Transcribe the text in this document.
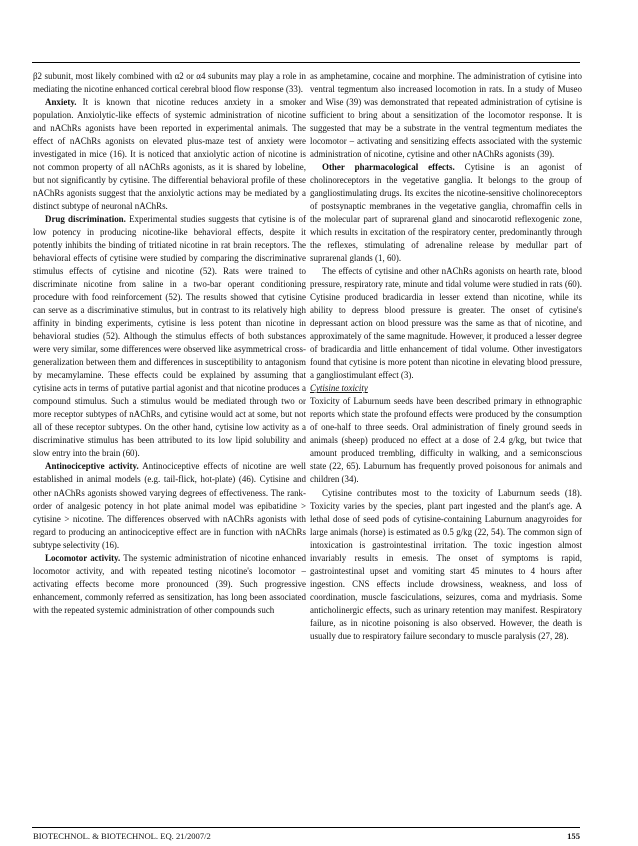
β2 subunit, most likely combined with α2 or α4 subunits may play a role in mediating the nicotine enhanced cortical cerebral blood flow response (33).

Anxiety. It is known that nicotine reduces anxiety in a smoker population. Anxiolytic-like effects of systemic administration of nicotine and nAChRs agonists have been reported in experimental animals. The effect of nAChRs agonists on elevated plus-maze test of anxiety were investigated in mice (16). It is noticed that anxiolytic action of nicotine is not common property of all nAChRs agonists, as it is shared by lobeline, but not significantly by cytisine. The differential behavioral profile of these nAChRs agonists suggest that the anxiolytic actions may be mediated by a distinct subtype of neuronal nAChRs.

Drug discrimination. Experimental studies suggests that cytisine is of low potency in producing nicotine-like behavioral effects, despite it potently inhibits the binding of tritiated nicotine in rat brain receptors. The behavioral effects of cytisine were studied by comparing the discriminative stimulus effects of cytisine and nicotine (52). Rats were trained to discriminate nicotine from saline in a two-bar operant conditioning procedure with food reinforcement (52). The results showed that cytisine can serve as a discriminative stimulus, but in contrast to its relatively high affinity in binding experiments, cytisine is less potent than nicotine in behavioral studies (52). Although the stimulus effects of both substances were very similar, some differences were observed like asymmetrical cross-generalization between them and differences in susceptibility to antagonism by mecamylamine. These effects could be explained by assuming that cytisine acts in terms of putative partial agonist and that nicotine produces a compound stimulus. Such a stimulus would be mediated through two or more receptor subtypes of nAChRs, and cytisine would act at some, but not all of these receptor subtypes. On the other hand, cytisine low activity as a discriminative stimulus has been attributed to its low lipid solubility and slow entry into the brain (60).

Antinociceptive activity. Antinociceptive effects of nicotine are well established in animal models (e.g. tail-flick, hot-plate) (46). Cytisine and other nAChRs agonists showed varying degrees of effectiveness. The rank-order of analgesic potency in hot plate animal model was epibatidine > cytisine > nicotine. The differences observed with nAChRs agonists with regard to producing an antinociceptive effect are in function with nAChRs subtype selectivity (16).

Locomotor activity. The systemic administration of nicotine enhanced locomotor activity, and with repeated testing nicotine's locomotor – activating effects become more pronounced (39). Such progressive enhancement, commonly referred as sensitization, has long been associated with the repeated systemic administration of other compounds such

as amphetamine, cocaine and morphine. The administration of cytisine into ventral tegmentum also increased locomotion in rats. In a study of Museo and Wise (39) was demonstrated that repeated administration of cytisine is sufficient to bring about a sensitization of the locomotor response. It is suggested that may be a substrate in the ventral tegmentum mediates the locomotor – activating and sensitizing effects associated with the systemic administration of nicotine, cytisine and other nAChRs agonists (39).

Other pharmacological effects. Cytisine is an agonist of cholinoreceptors in the vegetative ganglia. It belongs to the group of gangliostimulating drugs. Its excites the nicotine-sensitive cholinoreceptors of postsynaptic membranes in the vegetative ganglia, chromaffin cells in the molecular part of suprarenal gland and sinocarotid reflexogenic zone, which results in excitation of the respiratory center, predominantly through the reflexes, stimulating of adrenaline release by medullar part of suprarenal glands (1, 60).

The effects of cytisine and other nAChRs agonists on hearth rate, blood pressure, respiratory rate, minute and tidal volume were studied in rats (60). Cytisine produced bradicardia in lesser extend than nicotine, while its ability to depress blood pressure is greater. The onset of cytisine's depressant action on blood pressure was the same as that of nicotine, and approximately of the same magnitude. However, it produced a lesser degree of bradicardia and little enhancement of tidal volume. Other investigators found that cytisine is more potent than nicotine in elevating blood pressure, a gangliostimulant effect (3).

Cytisine toxicity

Toxicity of Laburnum seeds have been described primary in ethnographic reports which state the profound effects were produced by the consumption of one-half to three seeds. Oral administration of finely ground seeds in animals (sheep) produced no effect at a dose of 2.4 g/kg, but twice that amount produced trembling, difficulty in walking, and a semiconscious state (22, 65). Laburnum has frequently proved poisonous for animals and children (34).

Cytisine contributes most to the toxicity of Laburnum seeds (18). Toxicity varies by the species, plant part ingested and the plant's age. A lethal dose of seed pods of cytisine-containing Laburnum anagyroides for large animals (horse) is estimated as 0.5 g/kg (22, 54). The common sign of intoxication is gastrointestinal irritation. The toxic ingestion almost invariably results in emesis. The onset of symptoms is rapid, gastrointestinal upset and vomiting start 45 minutes to 4 hours after ingestion. CNS effects include drowsiness, weakness, and loss of coordination, muscle fasciculations, seizures, coma and mydriasis. Some anticholinergic effects, such as urinary retention may manifest. Respiratory failure, as in nicotine poisoning is also observed. However, the death is usually due to respiratory failure secondary to muscle paralysis (27, 28).

BIOTECHNOL. & BIOTECHNOL. EQ. 21/2007/2	155
